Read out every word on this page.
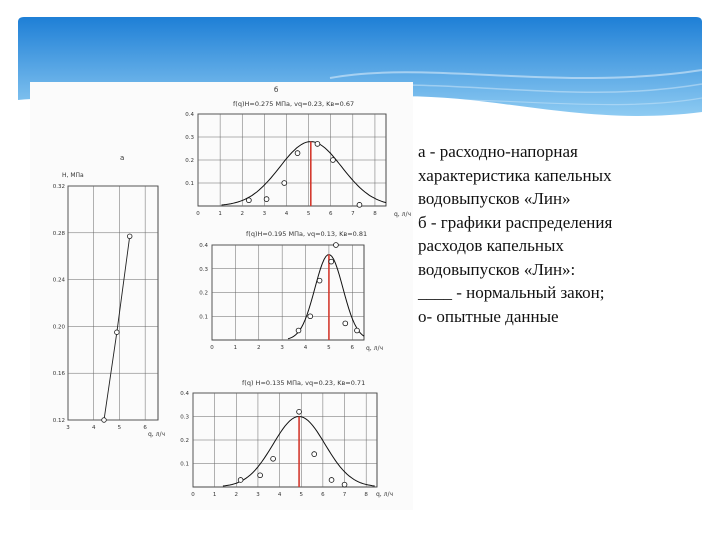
б
а
H, MПа
q, л/ч
0.32
0.28
0.24
0.20
0.16
0.12
3	4	5	6
f(q)H=0.275 MПа, vq=0.23, Kв=0.67
q, л/ч
0.4
0.3
0.2
0.1
0	1	2	3	4	5	6	7	8
f(q)H=0.195 MПа, vq=0.13, Kв=0.81
q, л/ч
0.4
0.3
0.2
0.1
0	1	2	3	4	5	6
f(q) H=0.135 MПа, vq=0.23, Kв=0.71
q, л/ч
0.4
0.3
0.2
0.1
0	1	2	3	4	5	6	7	8
а - расходно-напорная
характеристика капельных
водовыпусков «Лин»
б - графики распределения
расходов капельных
водовыпусков «Лин»:
____ - нормальный закон;
о- опытные данные
